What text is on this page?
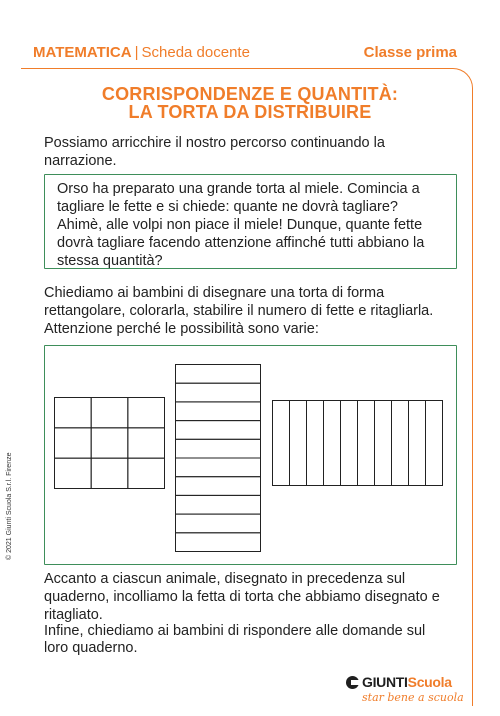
MATEMATICA | Scheda docente	Classe prima
CORRISPONDENZE E QUANTITÀ:
LA TORTA DA DISTRIBUIRE
Possiamo arricchire il nostro percorso continuando la
narrazione.
Orso ha preparato una grande torta al miele. Comincia a
tagliare le fette e si chiede: quante ne dovrà tagliare?
Ahimè, alle volpi non piace il miele! Dunque, quante fette
dovrà tagliare facendo attenzione affinché tutti abbiano la
stessa quantità?
Chiediamo ai bambini di disegnare una torta di forma
rettangolare, colorarla, stabilire il numero di fette e ritagliarla.
Attenzione perché le possibilità sono varie:
Accanto a ciascun animale, disegnato in precedenza sul
quaderno, incolliamo la fetta di torta che abbiamo disegnato e
ritagliato.
Infine, chiediamo ai bambini di rispondere alle domande sul
loro quaderno.
© 2021 Giunti Scuola S.r.l. Firenze
GIUNTIScuola
star bene a scuola
